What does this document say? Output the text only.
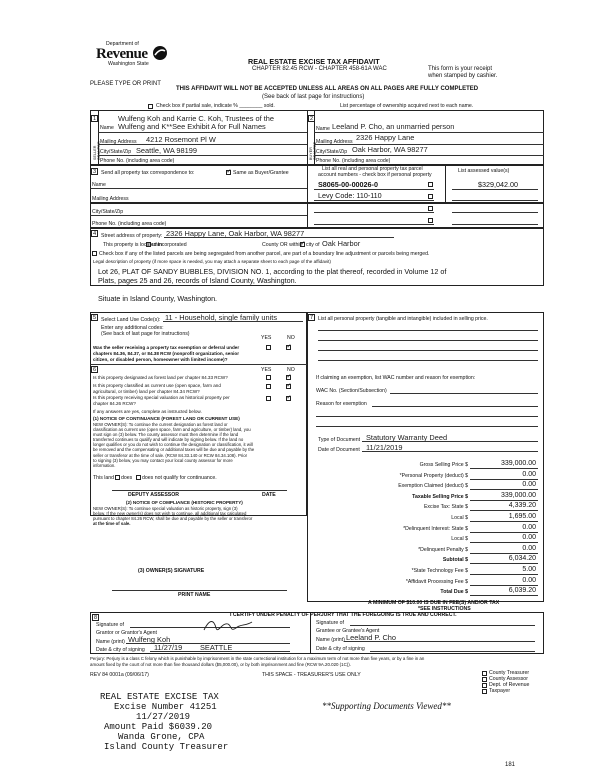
Department of
Revenue
Washington State
PLEASE TYPE OR PRINT
REAL ESTATE EXCISE TAX AFFIDAVIT
CHAPTER 82.45 RCW - CHAPTER 458-61A WAC	This form is your receipt
when stamped by cashier.
THIS AFFIDAVIT WILL NOT BE ACCEPTED UNLESS ALL AREAS ON ALL PAGES ARE FULLY COMPLETED
(See back of last page for instructions)
Check box if partial sale, indicate % ________ sold.	List percentage of ownership acquired next to each name.
1
SELLER GRANTOR
2
BUYER GRANTEE
Wulfeng Koh and Karrie C. Koh, Trustees of the
Name Wulfeng and K**See Exhibit A for Full Names
Mailing Address 4212 Rosemont Pl W
City/State/Zip Seattle, WA 98199
Phone No. (including area code)
Name Leeland P. Cho, an unmarried person
Mailing Address 2326 Happy Lane
City/State/Zip Oak Harbor, WA 98277
Phone No. (including area code)
3 Send all property tax correspondence to: ✓	Same as Buyer/Grantee
Name
Mailing Address
List all real and personal property tax parcel
account numbers - check box if personal property
List assessed value(s)
S8065-00-00026-0	$329,042.00
Levy Code: 110-110
City/State/Zip
Phone No. (including area code)
4 Street address of property: 2326 Happy Lane, Oak Harbor, WA 98277
This property is located in
unincorporated	County OR within ✓ city of Oak Harbor
Check box if any of the listed parcels are being segregated from another parcel, are part of a boundary line adjustment or parcels being merged.
Legal description of property (if more space is needed, you may attach a separate sheet to each page of the affidavit)
Lot 26, PLAT OF SANDY BUBBLES, DIVISION NO. 1, according to the plat thereof, recorded in Volume 12 of
Plats, pages 25 and 26, records of Island County, Washington.
Situate in Island County, Washington.
5 Select Land Use Code(s): 11 - Household, single family units
Enter any additional codes:
(See back of last page for instructions)
YES	NO
Was the seller receiving a property tax exemption or deferral under
chapters 84.36, 84.37, or 84.38 RCW (nonprofit organization, senior
citizen, or disabled person, homeowner with limited income)?
✓
6	YES	NO
Is this property designated as forest land per chapter 84.33 RCW?
✓
Is this property classified as current use (open space, farm and
agricultural, or timber) land per chapter 84.34 RCW?
✓
Is this property receiving special valuation as historical property per
chapter 84.26 RCW?
✓
If any answers are yes, complete as instructed below.
(1) NOTICE OF CONTINUANCE (FOREST LAND OR CURRENT USE)
NEW OWNER(S): To continue the current designation as forest land or
classification as current use (open space, farm and agriculture, or timber) land, you
must sign on (3) below. The county assessor must then determine if the land
transferred continues to qualify and will indicate by signing below. If the land no
longer qualifies or you do not wish to continue the designation or classification, it will
be removed and the compensating or additional taxes will be due and payable by the
seller or transferor at the time of sale. (RCW 84.33.140 or RCW 84.34.108). Prior
to signing (3) below, you may contact your local county assessor for more
information.
This land does does not qualify for continuance.
DEPUTY ASSESSOR	DATE
(2) NOTICE OF COMPLIANCE (HISTORIC PROPERTY)
NEW OWNER(S): To continue special valuation as historic property, sign (3)
below. If the new owner(s) does not wish to continue, all additional tax calculated
pursuant to chapter 84.26 RCW, shall be due and payable by the seller or transferor
at the time of sale.
(3) OWNER(S) SIGNATURE
PRINT NAME
7 List all personal property (tangible and intangible) included in selling price.
If claiming an exemption, list WAC number and reason for exemption:
WAC No. (Section/Subsection)
Reason for exemption
Type of Document Statutory Warranty Deed
Date of Document 11/21/2019
Gross Selling Price $	339,000.00
*Personal Property (deduct) $	0.00
Exemption Claimed (deduct) $	0.00
Taxable Selling Price $	339,000.00
Excise Tax: State $	4,339.20
Local $	1,695.00
*Delinquent Interest: State $	0.00
Local $	0.00
*Delinquent Penalty $	0.00
Subtotal $	6,034.20
*State Technology Fee $	5.00
*Affidavit Processing Fee $	0.00
Total Due $	6,039.20
A MINIMUM OF $10.00 IS DUE IN FEE(S) AND/OR TAX
*SEE INSTRUCTIONS
8	I CERTIFY UNDER PENALTY OF PERJURY THAT THE FOREGOING IS TRUE AND CORRECT.
Signature of
Grantor or Grantor's Agent
Name (print) Wulfeng Koh
Date & city of signing 11/27/19 SEATTLE
Signature of
Grantee or Grantee's Agent
Name (print) Leeland P. Cho
Date & city of signing
Perjury: Perjury is a class C felony which is punishable by imprisonment in the state correctional institution for a maximum term of not more than five years, or by a fine in an
amount fixed by the court of not more than five thousand dollars ($5,000.00), or by both imprisonment and fine (RCW 9A.20.020 (1C)).
REV 84 0001a (09/06/17)	THIS SPACE - TREASURER'S USE ONLY	County Treasurer
County Assessor
Dept. of Revenue
Taxpayer
REAL ESTATE EXCISE TAX
Excise Number 41251
11/27/2019
Amount Paid $6039.20
Wanda Grone, CPA
Island County Treasurer
**Supporting Documents Viewed**
181
